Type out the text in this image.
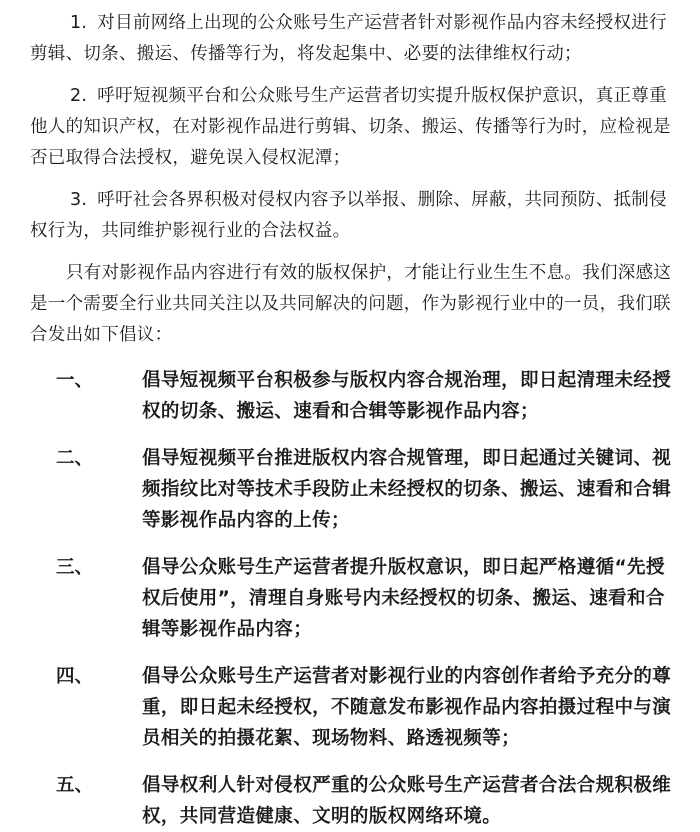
1. 对目前网络上出现的公众账号生产运营者针对影视作品内容未经授权进行剪辑、切条、搬运、传播等行为，将发起集中、必要的法律维权行动；

2. 呼吁短视频平台和公众账号生产运营者切实提升版权保护意识，真正尊重他人的知识产权，在对影视作品进行剪辑、切条、搬运、传播等行为时，应检视是否已取得合法授权，避免误入侵权泥潭；

3. 呼吁社会各界积极对侵权内容予以举报、删除、屏蔽，共同预防、抵制侵权行为，共同维护影视行业的合法权益。

只有对影视作品内容进行有效的版权保护，才能让行业生生不息。我们深感这是一个需要全行业共同关注以及共同解决的问题，作为影视行业中的一员，我们联合发出如下倡议：

一、	倡导短视频平台积极参与版权内容合规治理，即日起清理未经授权的切条、搬运、速看和合辑等影视作品内容；
二、	倡导短视频平台推进版权内容合规管理，即日起通过关键词、视频指纹比对等技术手段防止未经授权的切条、搬运、速看和合辑等影视作品内容的上传；
三、	倡导公众账号生产运营者提升版权意识，即日起严格遵循“先授权后使用”，清理自身账号内未经授权的切条、搬运、速看和合辑等影视作品内容；
四、	倡导公众账号生产运营者对影视行业的内容创作者给予充分的尊重，即日起未经授权，不随意发布影视作品内容拍摄过程中与演员相关的拍摄花絮、现场物料、路透视频等；
五、	倡导权利人针对侵权严重的公众账号生产运营者合法合规积极维权，共同营造健康、文明的版权网络环境。
